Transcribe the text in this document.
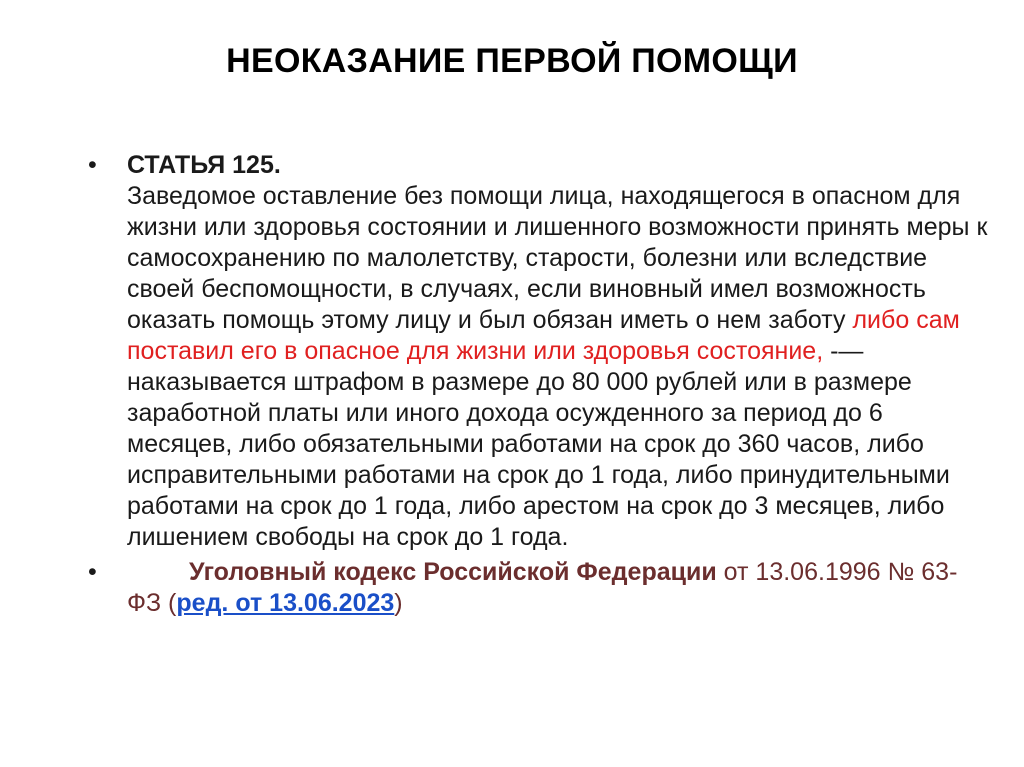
НЕОКАЗАНИЕ ПЕРВОЙ ПОМОЩИ
• СТАТЬЯ 125.
Заведомое оставление без помощи лица, находящегося в опасном для жизни или здоровья состоянии и лишенного возможности принять меры к самосохранению по малолетству, старости, болезни или вследствие своей беспомощности, в случаях, если виновный имел возможность оказать помощь этому лицу и был обязан иметь о нем заботу либо сам поставил его в опасное для жизни или здоровья состояние, -— наказывается штрафом в размере до 80 000 рублей или в размере заработной платы или иного дохода осужденного за период до 6 месяцев, либо обязательными работами на срок до 360 часов, либо исправительными работами на срок до 1 года, либо принудительными работами на срок до 1 года, либо арестом на срок до 3 месяцев, либо лишением свободы на срок до 1 года.
•	Уголовный кодекс Российской Федерации от 13.06.1996 № 63-ФЗ (ред. от 13.06.2023)
